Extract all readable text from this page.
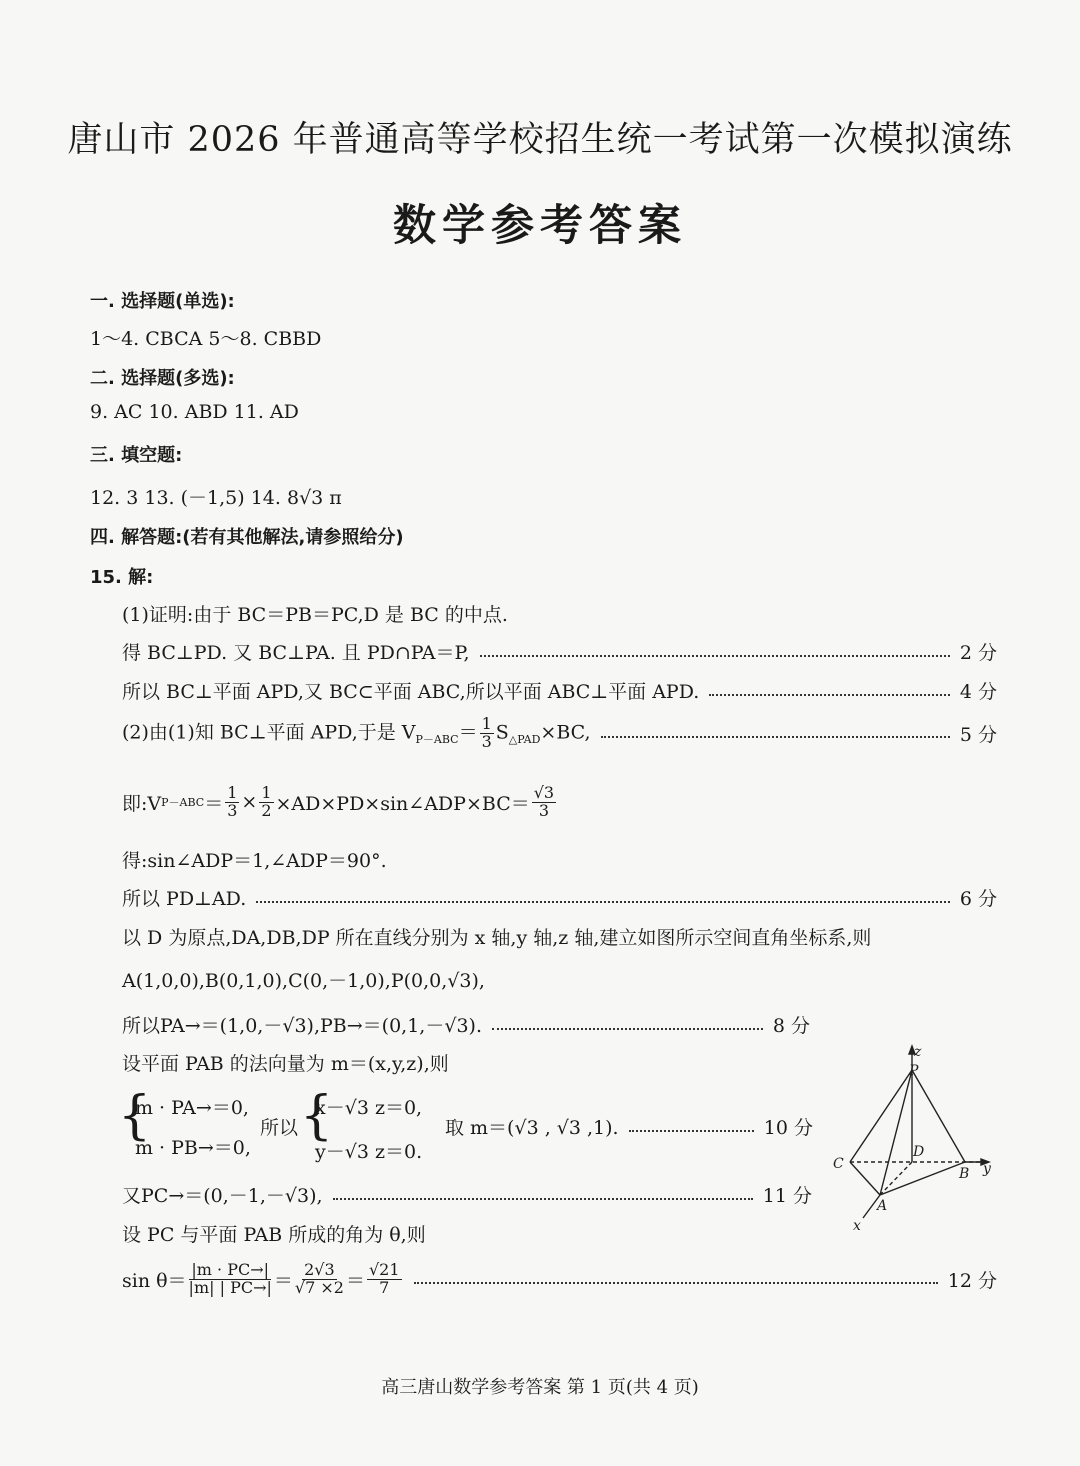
唐山市 2026 年普通高等学校招生统一考试第一次模拟演练
数学参考答案
一. 选择题(单选):
1～4. CBCA 5～8. CBBD
二. 选择题(多选):
9. AC 10. ABD 11. AD
三. 填空题:
12. 3 13. (－1,5) 14. 8√3 π
四. 解答题:(若有其他解法,请参照给分)
15. 解:
(1)证明:由于 BC＝PB＝PC,D 是 BC 的中点.
得 BC⊥PD. 又 BC⊥PA. 且 PD∩PA＝P,	2 分
所以 BC⊥平面 APD,又 BC⊂平面 ABC,所以平面 ABC⊥平面 APD.	4 分
(2)由(1)知 BC⊥平面 APD,于是 $V_{P-ABC}= \frac{1}{3} S_{\triangle PAD}\times BC$,	5 分
即:V $P-ABC = \frac{1}{3} \times \frac{1}{2}$ ×AD×PD×sin∠ADP×BC＝ $\frac{√3}{3}$
得:sin∠ADP＝1,∠ADP＝90°.
所以 PD⊥AD.	6 分
以 D 为原点,DA,DB,DP 所在直线分别为 x 轴,y 轴,z 轴,建立如图所示空间直角坐标系,则
A(1,0,0),B(0,1,0),C(0,－1,0),P(0,0,√3),
所以PA→＝(1,0,－√3),PB→＝(0,1,－√3).	8 分
设平面 PAB 的法向量为 m＝(x,y,z),则
{
m · PA→＝0,
m · PB→＝0,
所以 {
x－√3 z＝0,
y－√3 z＝0.
取 m＝(√3 , √3 ,1).	10 分
又PC→＝(0,－1,－√3),	11 分
设 PC 与平面 PAB 所成的角为 θ,则
$\sin \theta= \frac{|m \cdot PC\to|}{|m| | PC\to|} = \frac{2√3}{√7 \times 2} = \frac{√21}{7}$	12 分
z
P
C
D
B y
A
x
高三唐山数学参考答案 第 1 页(共 4 页)
